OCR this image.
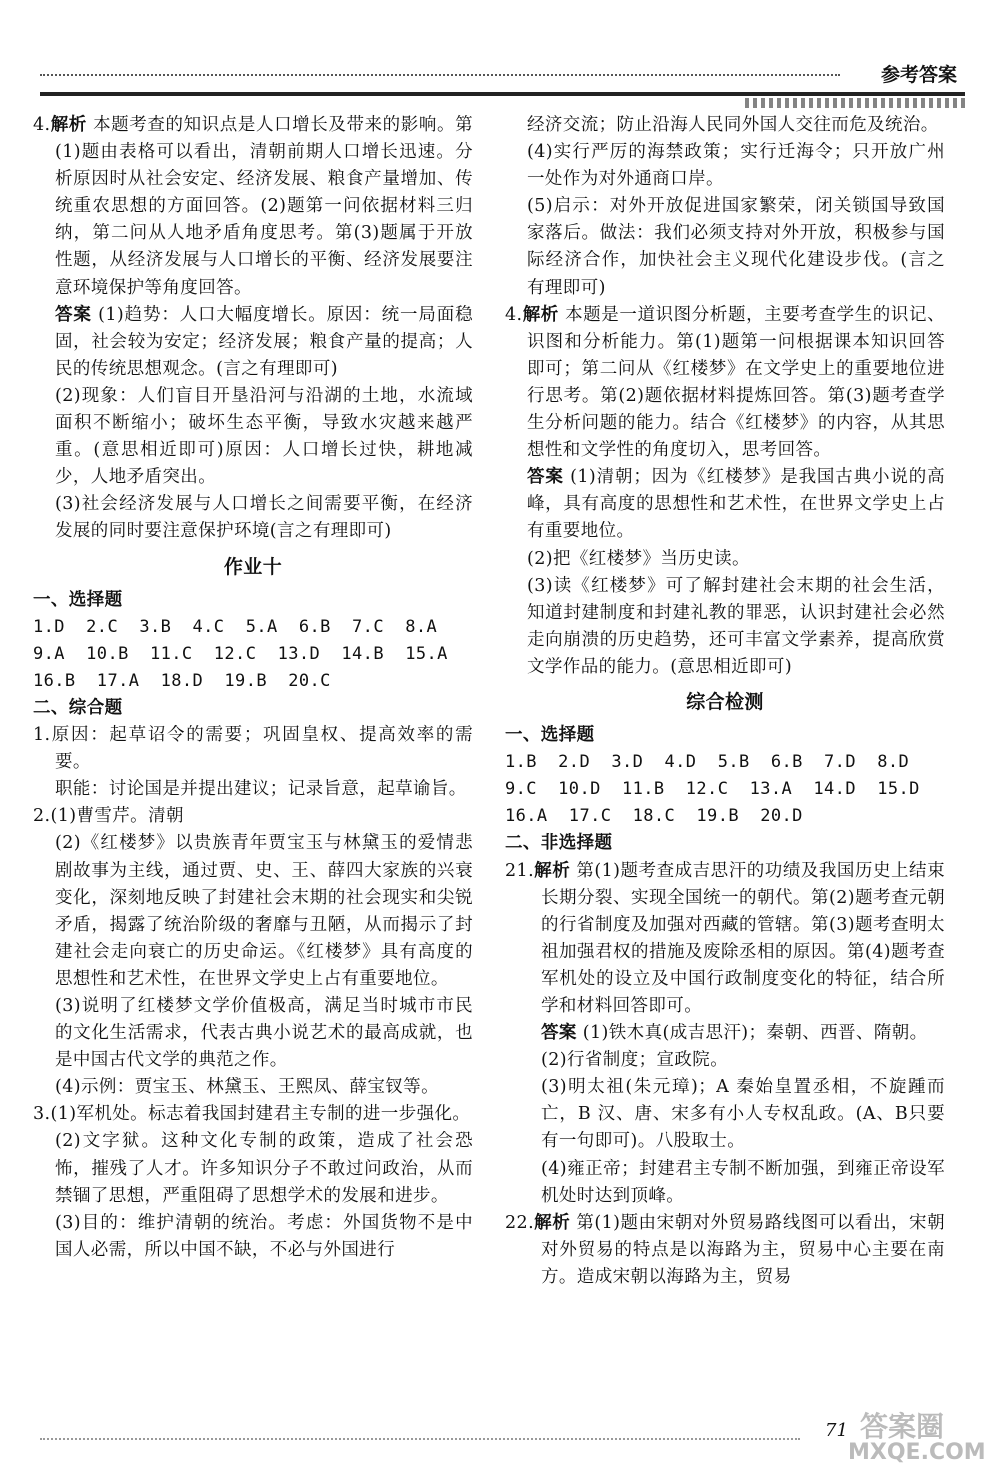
参考答案
4.解析 本题考查的知识点是人口增长及带来的影响。第(1)题由表格可以看出，清朝前期人口增长迅速。分析原因时从社会安定、经济发展、粮食产量增加、传统重农思想的方面回答。(2)题第一问依据材料三归纳，第二问从人地矛盾角度思考。第(3)题属于开放性题，从经济发展与人口增长的平衡、经济发展要注意环境保护等角度回答。
答案 (1)趋势：人口大幅度增长。原因：统一局面稳固，社会较为安定；经济发展；粮食产量的提高；人民的传统思想观念。(言之有理即可)
(2)现象：人们盲目开垦沿河与沿湖的土地，水流域面积不断缩小；破坏生态平衡，导致水灾越来越严重。(意思相近即可)原因：人口增长过快，耕地减少，人地矛盾突出。
(3)社会经济发展与人口增长之间需要平衡，在经济发展的同时要注意保护环境(言之有理即可)
作业十
一、选择题
1.D  2.C  3.B  4.C  5.A  6.B  7.C  8.A
9.A  10.B  11.C  12.C  13.D  14.B  15.A
16.B  17.A  18.D  19.B  20.C
二、综合题
1.原因：起草诏令的需要；巩固皇权、提高效率的需要。
职能：讨论国是并提出建议；记录旨意，起草谕旨。
2.(1)曹雪芹。清朝
(2)《红楼梦》以贵族青年贾宝玉与林黛玉的爱情悲剧故事为主线，通过贾、史、王、薛四大家族的兴衰变化，深刻地反映了封建社会末期的社会现实和尖锐矛盾，揭露了统治阶级的奢靡与丑陋，从而揭示了封建社会走向衰亡的历史命运。《红楼梦》具有高度的思想性和艺术性，在世界文学史上占有重要地位。
(3)说明了红楼梦文学价值极高，满足当时城市市民的文化生活需求，代表古典小说艺术的最高成就，也是中国古代文学的典范之作。
(4)示例：贾宝玉、林黛玉、王熙凤、薛宝钗等。
3.(1)军机处。标志着我国封建君主专制的进一步强化。
(2)文字狱。这种文化专制的政策，造成了社会恐怖，摧残了人才。许多知识分子不敢过问政治，从而禁锢了思想，严重阻碍了思想学术的发展和进步。
(3)目的：维护清朝的统治。考虑：外国货物不是中国人必需，所以中国不缺，不必与外国进行
经济交流；防止沿海人民同外国人交往而危及统治。
(4)实行严厉的海禁政策；实行迁海令；只开放广州一处作为对外通商口岸。
(5)启示：对外开放促进国家繁荣，闭关锁国导致国家落后。做法：我们必须支持对外开放，积极参与国际经济合作，加快社会主义现代化建设步伐。(言之有理即可)
4.解析 本题是一道识图分析题，主要考查学生的识记、识图和分析能力。第(1)题第一问根据课本知识回答即可；第二问从《红楼梦》在文学史上的重要地位进行思考。第(2)题依据材料提炼回答。第(3)题考查学生分析问题的能力。结合《红楼梦》的内容，从其思想性和文学性的角度切入，思考回答。
答案 (1)清朝；因为《红楼梦》是我国古典小说的高峰，具有高度的思想性和艺术性，在世界文学史上占有重要地位。
(2)把《红楼梦》当历史读。
(3)读《红楼梦》可了解封建社会末期的社会生活，知道封建制度和封建礼教的罪恶，认识封建社会必然走向崩溃的历史趋势，还可丰富文学素养，提高欣赏文学作品的能力。(意思相近即可)
综合检测
一、选择题
1.B  2.D  3.D  4.D  5.B  6.B  7.D  8.D
9.C  10.D  11.B  12.C  13.A  14.D  15.D
16.A  17.C  18.C  19.B  20.D
二、非选择题
21.解析 第(1)题考查成吉思汗的功绩及我国历史上结束长期分裂、实现全国统一的朝代。第(2)题考查元朝的行省制度及加强对西藏的管辖。第(3)题考查明太祖加强君权的措施及废除丞相的原因。第(4)题考查军机处的设立及中国行政制度变化的特征，结合所学和材料回答即可。
答案 (1)铁木真(成吉思汗)；秦朝、西晋、隋朝。
(2)行省制度；宣政院。
(3)明太祖(朱元璋)；A 秦始皇置丞相，不旋踵而亡，B 汉、唐、宋多有小人专权乱政。(A、B只要有一句即可)。八股取士。
(4)雍正帝；封建君主专制不断加强，到雍正帝设军机处时达到顶峰。
22.解析 第(1)题由宋朝对外贸易路线图可以看出，宋朝对外贸易的特点是以海路为主，贸易中心主要在南方。造成宋朝以海路为主，贸易
71 答案圈
MXQE.COM
